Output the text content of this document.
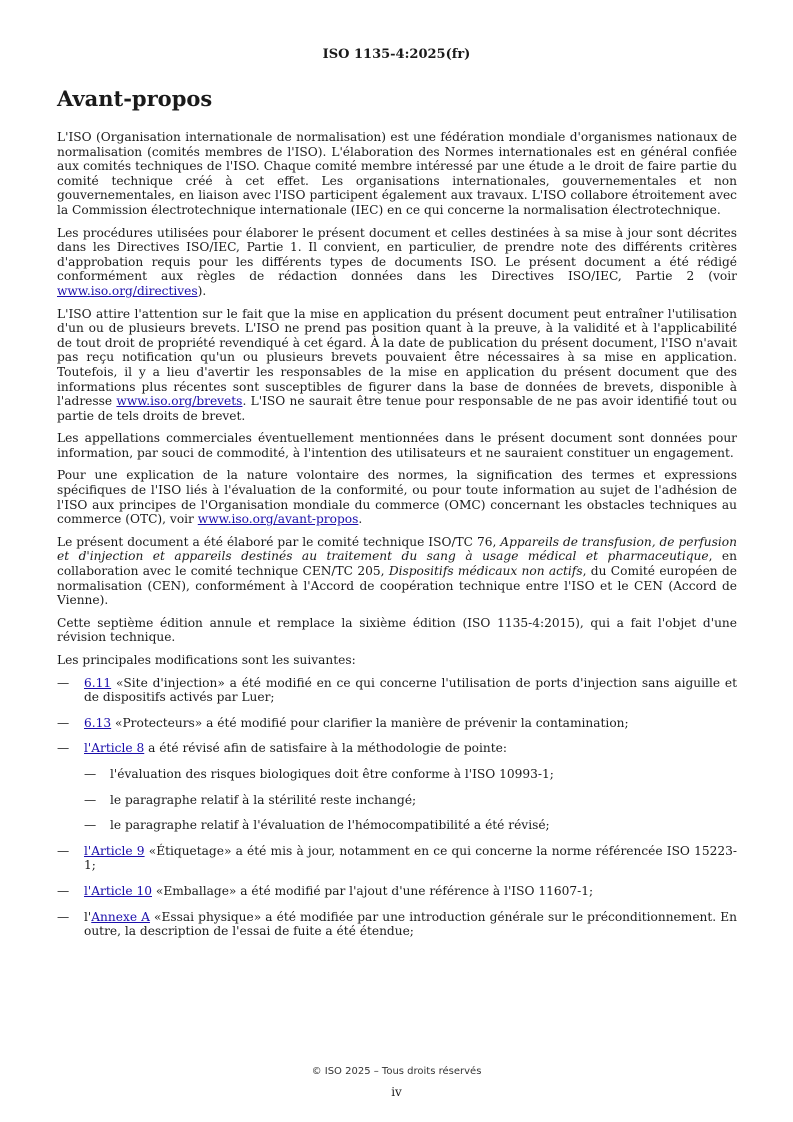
ISO 1135-4:2025(fr)
Avant-propos

L'ISO (Organisation internationale de normalisation) est une fédération mondiale d'organismes nationaux de normalisation (comités membres de l'ISO). L'élaboration des Normes internationales est en général confiée aux comités techniques de l'ISO. Chaque comité membre intéressé par une étude a le droit de faire partie du comité technique créé à cet effet. Les organisations internationales, gouvernementales et non gouvernementales, en liaison avec l'ISO participent également aux travaux. L'ISO collabore étroitement avec la Commission électrotechnique internationale (IEC) en ce qui concerne la normalisation électrotechnique.

Les procédures utilisées pour élaborer le présent document et celles destinées à sa mise à jour sont décrites dans les Directives ISO/IEC, Partie 1. Il convient, en particulier, de prendre note des différents critères d'approbation requis pour les différents types de documents ISO. Le présent document a été rédigé conformément aux règles de rédaction données dans les Directives ISO/IEC, Partie 2 (voir www.iso.org/directives).

L'ISO attire l'attention sur le fait que la mise en application du présent document peut entraîner l'utilisation d'un ou de plusieurs brevets. L'ISO ne prend pas position quant à la preuve, à la validité et à l'applicabilité de tout droit de propriété revendiqué à cet égard. À la date de publication du présent document, l'ISO n'avait pas reçu notification qu'un ou plusieurs brevets pouvaient être nécessaires à sa mise en application. Toutefois, il y a lieu d'avertir les responsables de la mise en application du présent document que des informations plus récentes sont susceptibles de figurer dans la base de données de brevets, disponible à l'adresse www.iso.org/brevets. L'ISO ne saurait être tenue pour responsable de ne pas avoir identifié tout ou partie de tels droits de brevet.

Les appellations commerciales éventuellement mentionnées dans le présent document sont données pour information, par souci de commodité, à l'intention des utilisateurs et ne sauraient constituer un engagement.

Pour une explication de la nature volontaire des normes, la signification des termes et expressions spécifiques de l'ISO liés à l'évaluation de la conformité, ou pour toute information au sujet de l'adhésion de l'ISO aux principes de l'Organisation mondiale du commerce (OMC) concernant les obstacles techniques au commerce (OTC), voir www.iso.org/avant-propos.

Le présent document a été élaboré par le comité technique ISO/TC 76, Appareils de transfusion, de perfusion et d'injection et appareils destinés au traitement du sang à usage médical et pharmaceutique, en collaboration avec le comité technique CEN/TC 205, Dispositifs médicaux non actifs, du Comité européen de normalisation (CEN), conformément à l'Accord de coopération technique entre l'ISO et le CEN (Accord de Vienne).

Cette septième édition annule et remplace la sixième édition (ISO 1135-4:2015), qui a fait l'objet d'une révision technique.

Les principales modifications sont les suivantes:

— 6.11 «Site d'injection» a été modifié en ce qui concerne l'utilisation de ports d'injection sans aiguille et de dispositifs activés par Luer;
— 6.13 «Protecteurs» a été modifié pour clarifier la manière de prévenir la contamination;
— l'Article 8 a été révisé afin de satisfaire à la méthodologie de pointe:
— l'évaluation des risques biologiques doit être conforme à l'ISO 10993-1;
— le paragraphe relatif à la stérilité reste inchangé;
— le paragraphe relatif à l'évaluation de l'hémocompatibilité a été révisé;
— l'Article 9 «Étiquetage» a été mis à jour, notamment en ce qui concerne la norme référencée ISO 15223-1;
— l'Article 10 «Emballage» a été modifié par l'ajout d'une référence à l'ISO 11607-1;
— l'Annexe A «Essai physique» a été modifiée par une introduction générale sur le préconditionnement. En outre, la description de l'essai de fuite a été étendue;
© ISO 2025 – Tous droits réservés
iv
